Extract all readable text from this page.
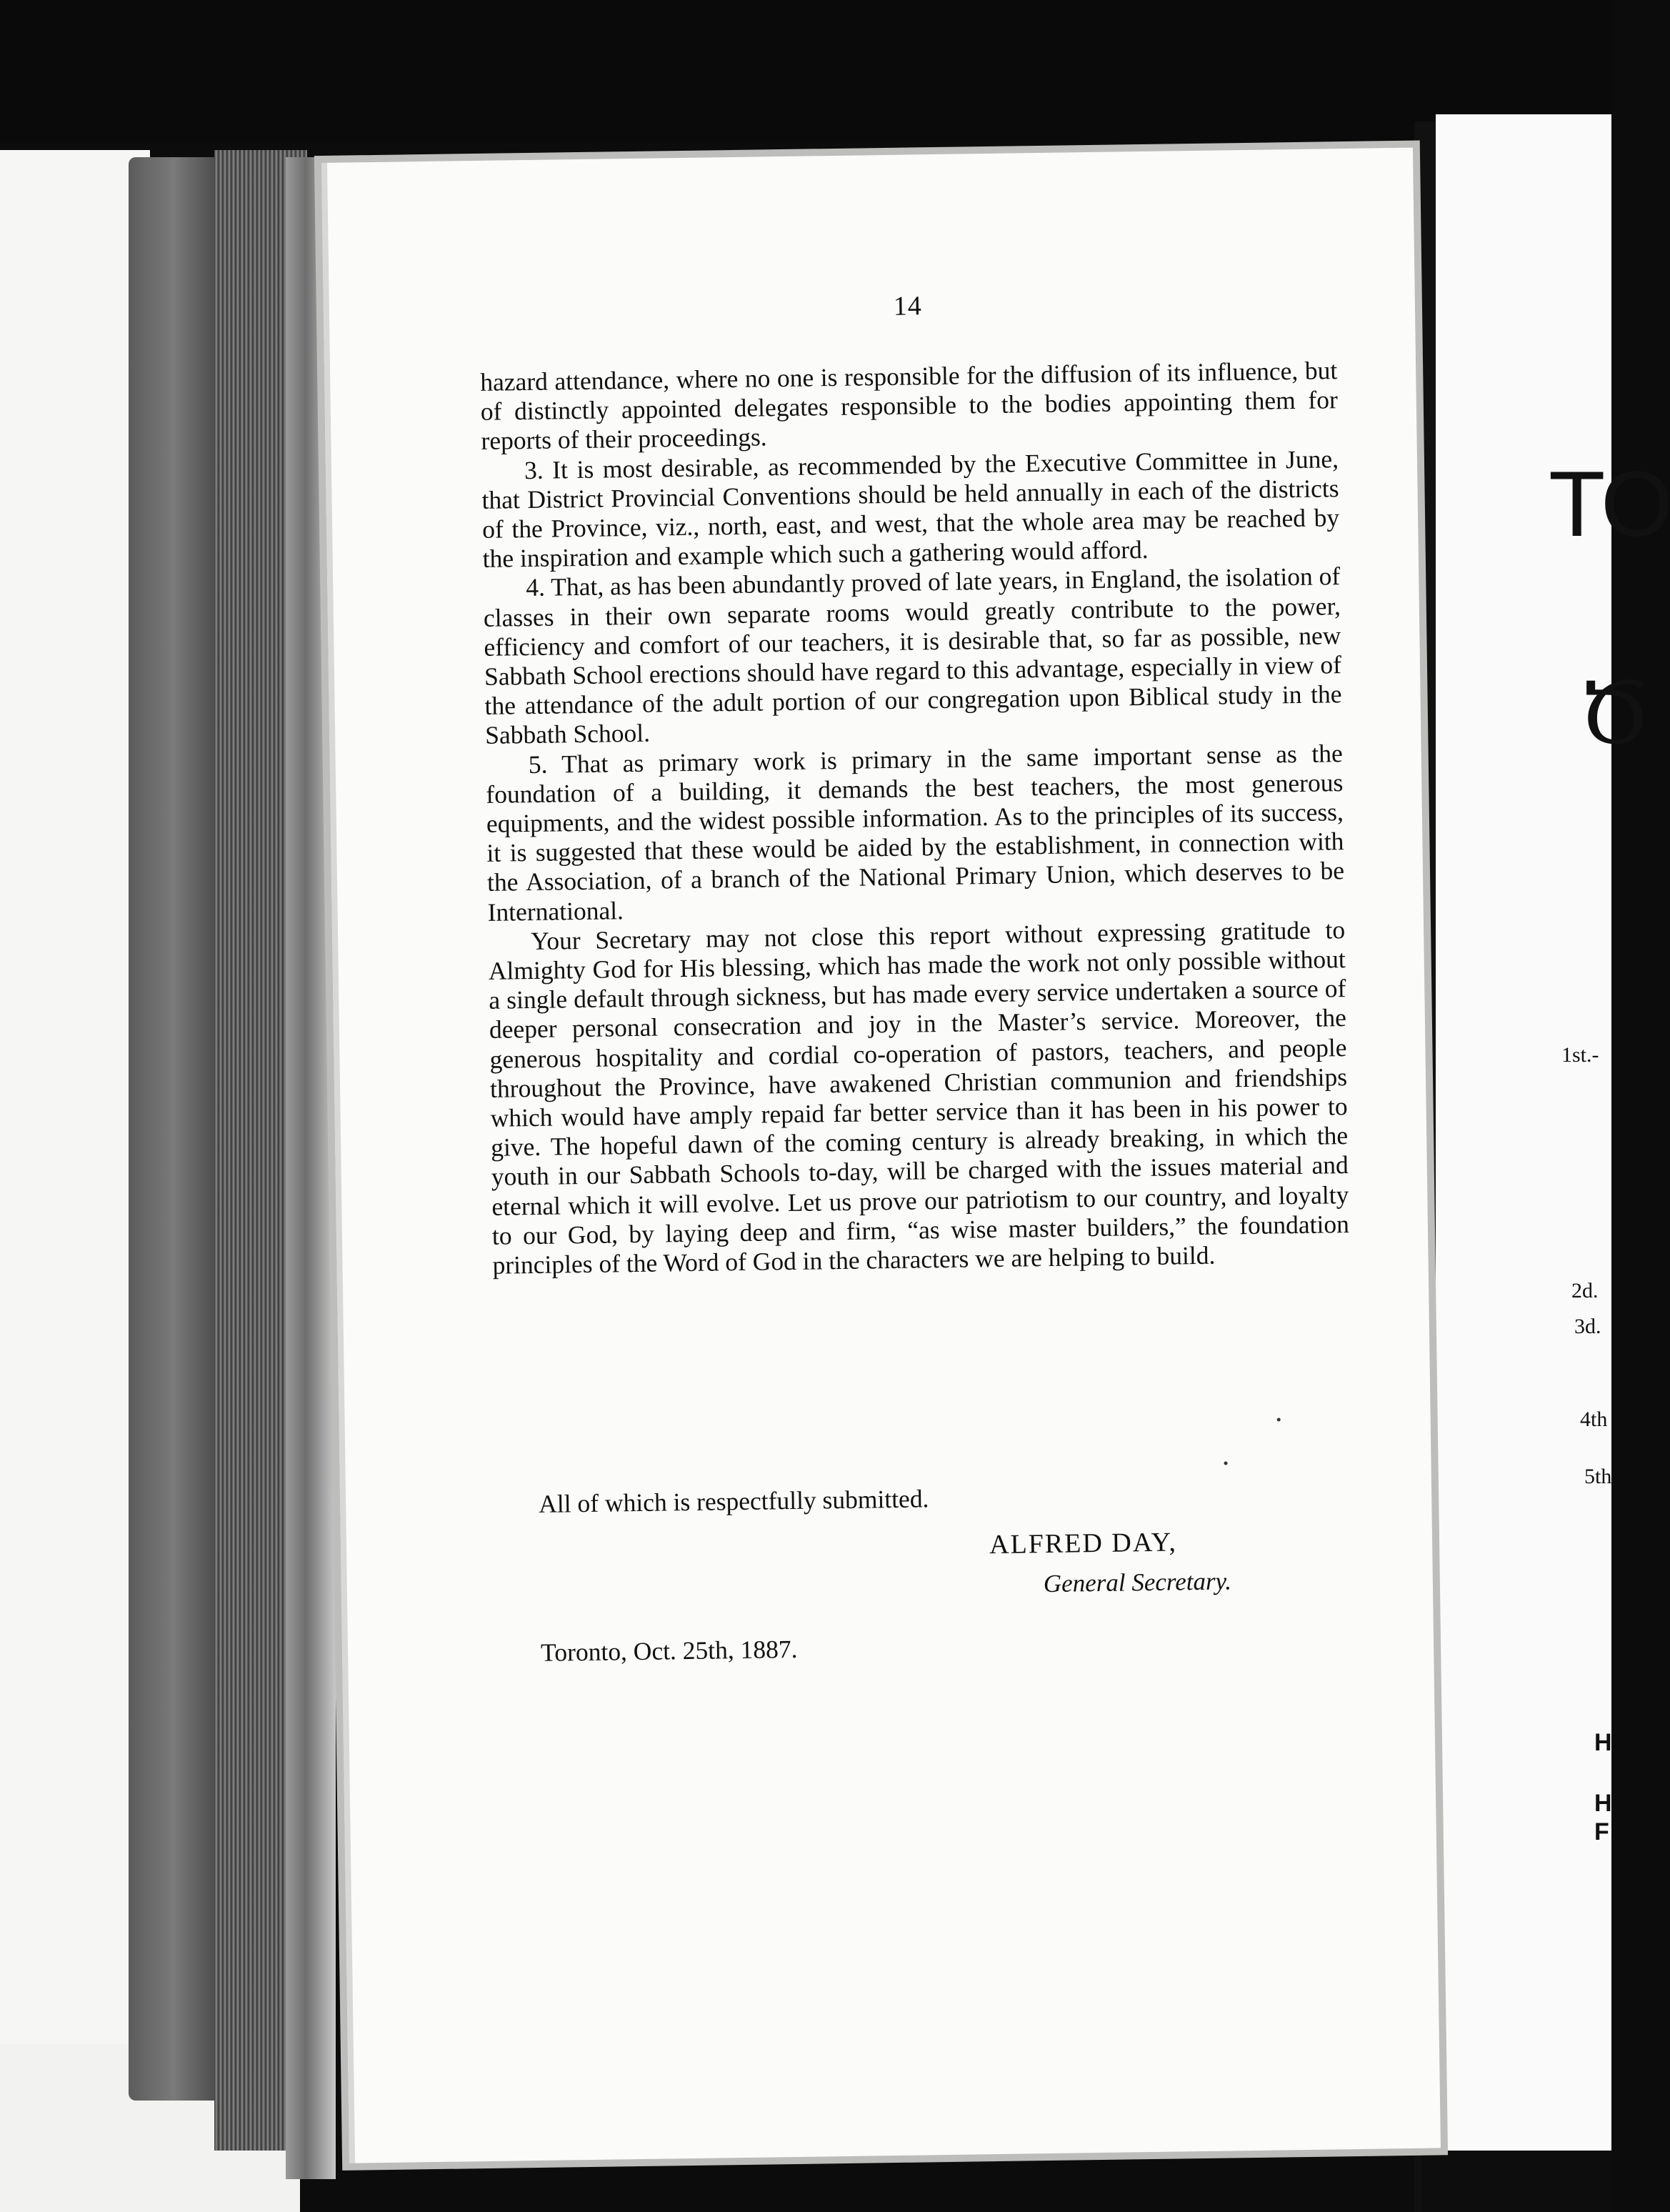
14

hazard attendance, where no one is responsible for the diffusion of its influence, but of distinctly appointed delegates responsible to the bodies appointing them for reports of their proceedings.

3. It is most desirable, as recommended by the Executive Committee in June, that District Provincial Conventions should be held annually in each of the districts of the Province, viz., north, east, and west, that the whole area may be reached by the inspiration and example which such a gathering would afford.

4. That, as has been abundantly proved of late years, in England, the isolation of classes in their own separate rooms would greatly contribute to the power, efficiency and comfort of our teachers, it is desirable that, so far as possible, new Sabbath School erections should have regard to this advantage, especially in view of the attendance of the adult portion of our congregation upon Biblical study in the Sabbath School.

5. That as primary work is primary in the same important sense as the foundation of a building, it demands the best teachers, the most generous equipments, and the widest possible information. As to the principles of its success, it is suggested that these would be aided by the establishment, in connection with the Association, of a branch of the National Primary Union, which deserves to be International.

Your Secretary may not close this report without expressing gratitude to Almighty God for His blessing, which has made the work not only possible without a single default through sickness, but has made every service undertaken a source of deeper personal consecration and joy in the Master’s service. Moreover, the generous hospitality and cordial co-operation of pastors, teachers, and people throughout the Province, have awakened Christian communion and friendships which would have amply repaid far better service than it has been in his power to give. The hopeful dawn of the coming century is already breaking, in which the youth in our Sabbath Schools to-day, will be charged with the issues material and eternal which it will evolve. Let us prove our patriotism to our country, and loyalty to our God, by laying deep and firm, “as wise master builders,” the foundation principles of the Word of God in the characters we are helping to build.

All of which is respectfully submitted.
ALFRED DAY,
General Secretary.
Toronto, Oct. 25th, 1887.
TO
Ծ
1st.-
2d.
3d.
4th
5th
H
H
F
